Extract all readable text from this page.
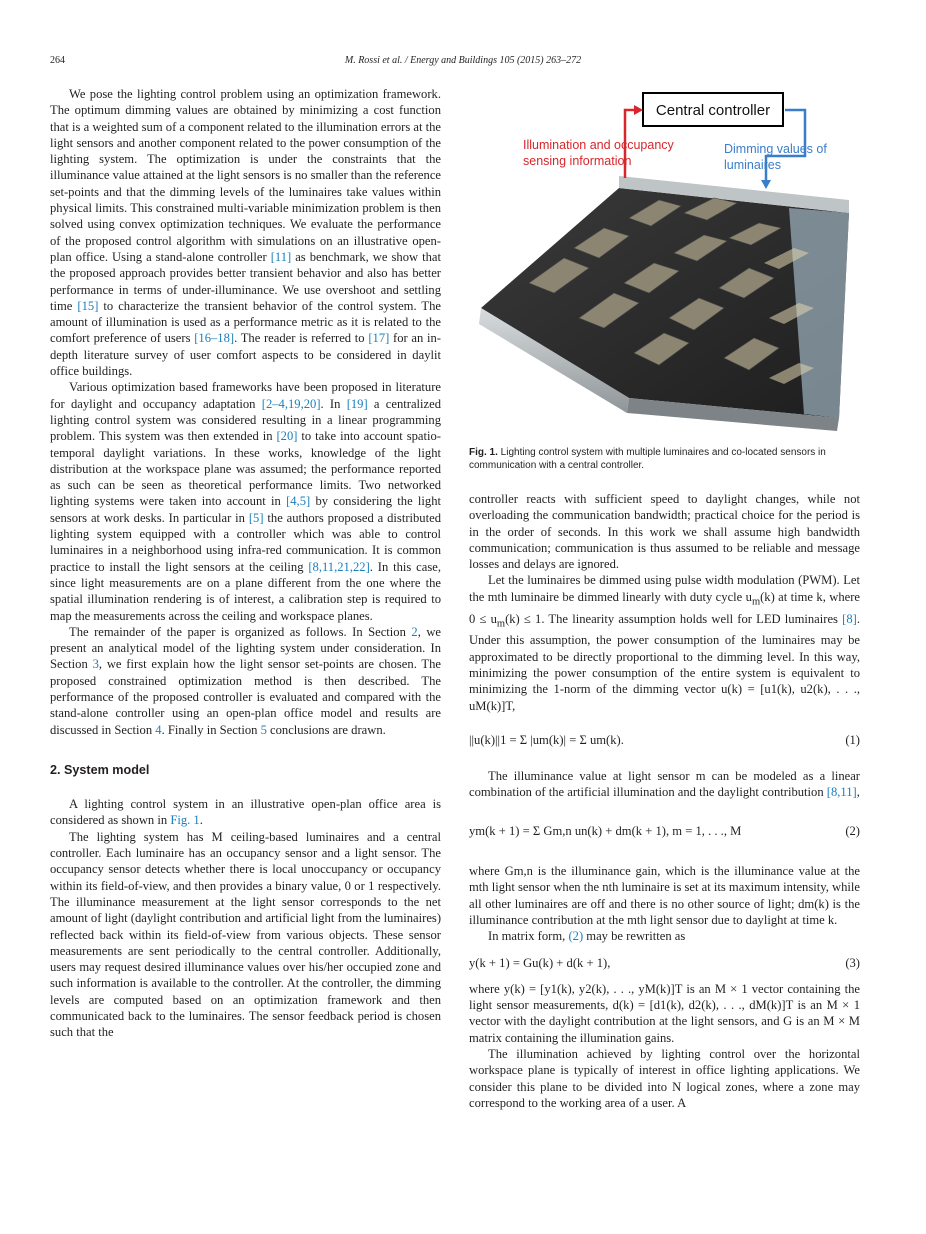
264	M. Rossi et al. / Energy and Buildings 105 (2015) 263–272

We pose the lighting control problem using an optimization framework. The optimum dimming values are obtained by minimizing a cost function that is a weighted sum of a component related to the illumination errors at the light sensors and another component related to the power consumption of the lighting system. The optimization is under the constraints that the illuminance value attained at the light sensors is no smaller than the reference set-points and that the dimming levels of the luminaires take values within physical limits. This constrained multi-variable minimization problem is then solved using convex optimization techniques. We evaluate the performance of the proposed control algorithm with simulations on an illustrative open-plan office. Using a stand-alone controller [11] as benchmark, we show that the proposed approach provides better transient behavior and also has better performance in terms of under-illuminance. We use overshoot and settling time [15] to characterize the transient behavior of the control system. The amount of illumination is used as a performance metric as it is related to the comfort preference of users [16–18]. The reader is referred to [17] for an in-depth literature survey of user comfort aspects to be considered in daylit office buildings.

Various optimization based frameworks have been proposed in literature for daylight and occupancy adaptation [2–4,19,20]. In [19] a centralized lighting control system was considered resulting in a linear programming problem. This system was then extended in [20] to take into account spatio-temporal daylight variations. In these works, knowledge of the light distribution at the workspace plane was assumed; the performance reported as such can be seen as theoretical performance limits. Two networked lighting systems were taken into account in [4,5] by considering the light sensors at work desks. In particular in [5] the authors proposed a distributed lighting system equipped with a controller which was able to control luminaires in a neighborhood using infra-red communication. It is common practice to install the light sensors at the ceiling [8,11,21,22]. In this case, since light measurements are on a plane different from the one where the spatial illumination rendering is of interest, a calibration step is required to map the measurements across the ceiling and workspace planes.

The remainder of the paper is organized as follows. In Section 2, we present an analytical model of the lighting system under consideration. In Section 3, we first explain how the light sensor set-points are chosen. The proposed constrained optimization method is then described. The performance of the proposed controller is evaluated and compared with the stand-alone controller using an open-plan office model and results are discussed in Section 4. Finally in Section 5 conclusions are drawn.

2. System model

A lighting control system in an illustrative open-plan office area is considered as shown in Fig. 1.

The lighting system has M ceiling-based luminaires and a central controller. Each luminaire has an occupancy sensor and a light sensor. The occupancy sensor detects whether there is local unoccupancy or occupancy within its field-of-view, and then provides a binary value, 0 or 1 respectively. The illuminance measurement at the light sensor corresponds to the net amount of light (daylight contribution and artificial light from the luminaires) reflected back within its field-of-view from various objects. These sensor measurements are sent periodically to the central controller. Additionally, users may request desired illuminance values over his/her occupied zone and such information is available to the controller. At the controller, the dimming levels are computed based on an optimization framework and then communicated back to the luminaires. The sensor feedback period is chosen such that the

Central controller
Illumination and occupancy
sensing information
Dimming values of
luminaires
Fig. 1. Lighting control system with multiple luminaires and co-located sensors in communication with a central controller.

controller reacts with sufficient speed to daylight changes, while not overloading the communication bandwidth; practical choice for the period is in the order of seconds. In this work we shall assume high bandwidth communication; communication is thus assumed to be reliable and message losses and delays are ignored.

Let the luminaires be dimmed using pulse width modulation (PWM). Let the mth luminaire be dimmed linearly with duty cycle $u_m(k)$ at time k, where $0 \le u_m(k) \le 1$. The linearity assumption holds well for LED luminaires [8]. Under this assumption, the power consumption of the luminaires may be approximated to be directly proportional to the dimming level. In this way, minimizing the power consumption of the entire system is equivalent to minimizing the 1-norm of the dimming vector u(k) = [u1(k), u2(k), . . ., uM(k)]T,

||u(k)||1 = Σ |um(k)| = Σ um(k).	(1)

The illuminance value at light sensor m can be modeled as a linear combination of the artificial illumination and the daylight contribution [8,11],

ym(k + 1) = Σ Gm,n un(k) + dm(k + 1), m = 1, . . ., M	(2)

where Gm,n is the illuminance gain, which is the illuminance value at the mth light sensor when the nth luminaire is set at its maximum intensity, while all other luminaires are off and there is no other source of light; dm(k) is the illuminance contribution at the mth light sensor due to daylight at time k.

In matrix form, (2) may be rewritten as

y(k + 1) = Gu(k) + d(k + 1),	(3)

where y(k) = [y1(k), y2(k), . . ., yM(k)]T is an M × 1 vector containing the light sensor measurements, d(k) = [d1(k), d2(k), . . ., dM(k)]T is an M × 1 vector with the daylight contribution at the light sensors, and G is an M × M matrix containing the illumination gains.

The illumination achieved by lighting control over the horizontal workspace plane is typically of interest in office lighting applications. We consider this plane to be divided into N logical zones, where a zone may correspond to the working area of a user. A
